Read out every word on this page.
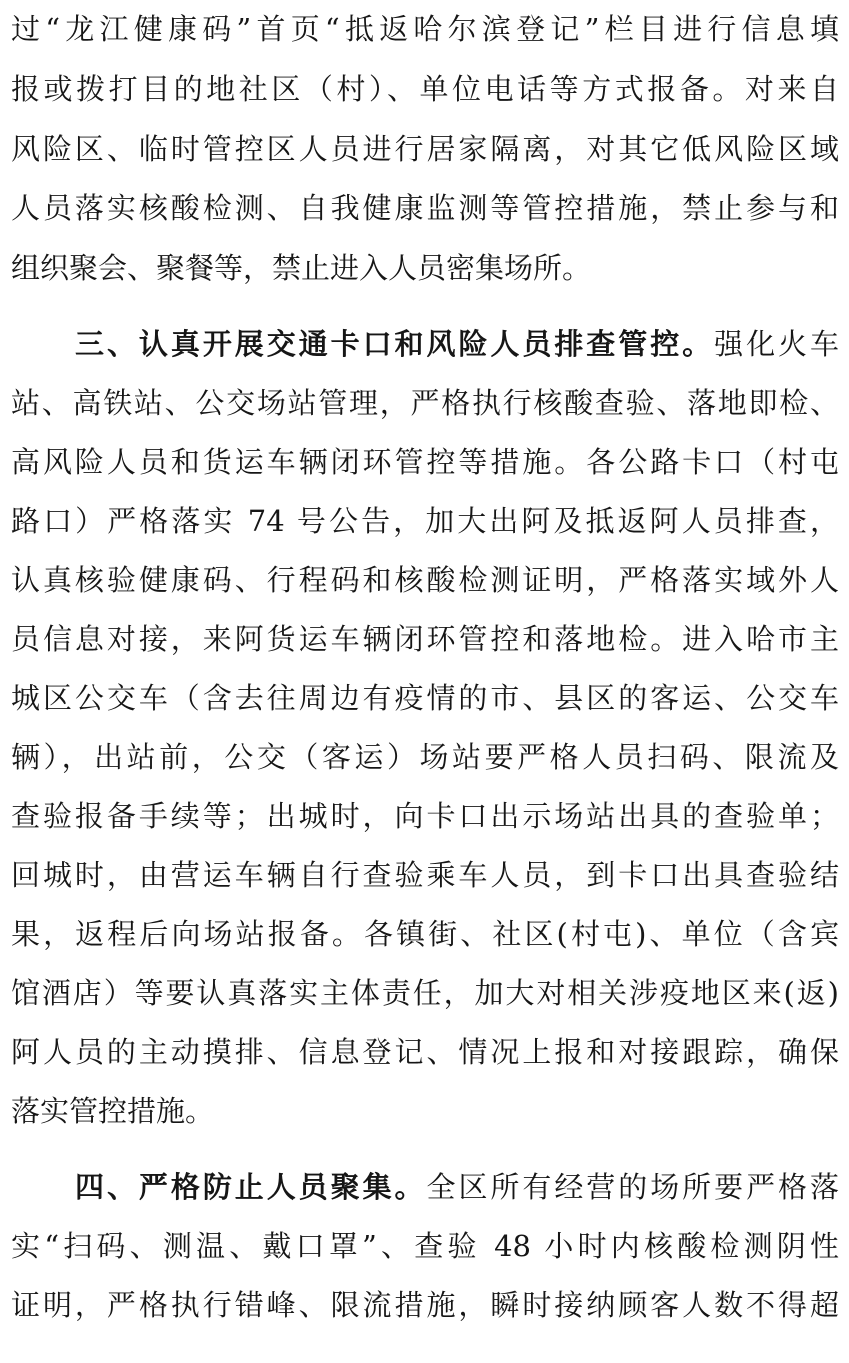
过“龙江健康码”首页“抵返哈尔滨登记”栏目进行信息填
报或拨打目的地社区（村）、单位电话等方式报备。对来自
风险区、临时管控区人员进行居家隔离，对其它低风险区域
人员落实核酸检测、自我健康监测等管控措施，禁止参与和
组织聚会、聚餐等，禁止进入人员密集场所。
三、认真开展交通卡口和风险人员排查管控。强化火车
站、高铁站、公交场站管理，严格执行核酸查验、落地即检、
高风险人员和货运车辆闭环管控等措施。各公路卡口（村屯
路口）严格落实 74 号公告，加大出阿及抵返阿人员排查，
认真核验健康码、行程码和核酸检测证明，严格落实域外人
员信息对接，来阿货运车辆闭环管控和落地检。进入哈市主
城区公交车（含去往周边有疫情的市、县区的客运、公交车
辆），出站前，公交（客运）场站要严格人员扫码、限流及
查验报备手续等；出城时，向卡口出示场站出具的查验单；
回城时，由营运车辆自行查验乘车人员，到卡口出具查验结
果，返程后向场站报备。各镇街、社区(村屯)、单位（含宾
馆酒店）等要认真落实主体责任，加大对相关涉疫地区来(返)
阿人员的主动摸排、信息登记、情况上报和对接跟踪，确保
落实管控措施。
四、严格防止人员聚集。全区所有经营的场所要严格落
实“扫码、测温、戴口罩”、查验 48 小时内核酸检测阴性
证明，严格执行错峰、限流措施，瞬时接纳顾客人数不得超
